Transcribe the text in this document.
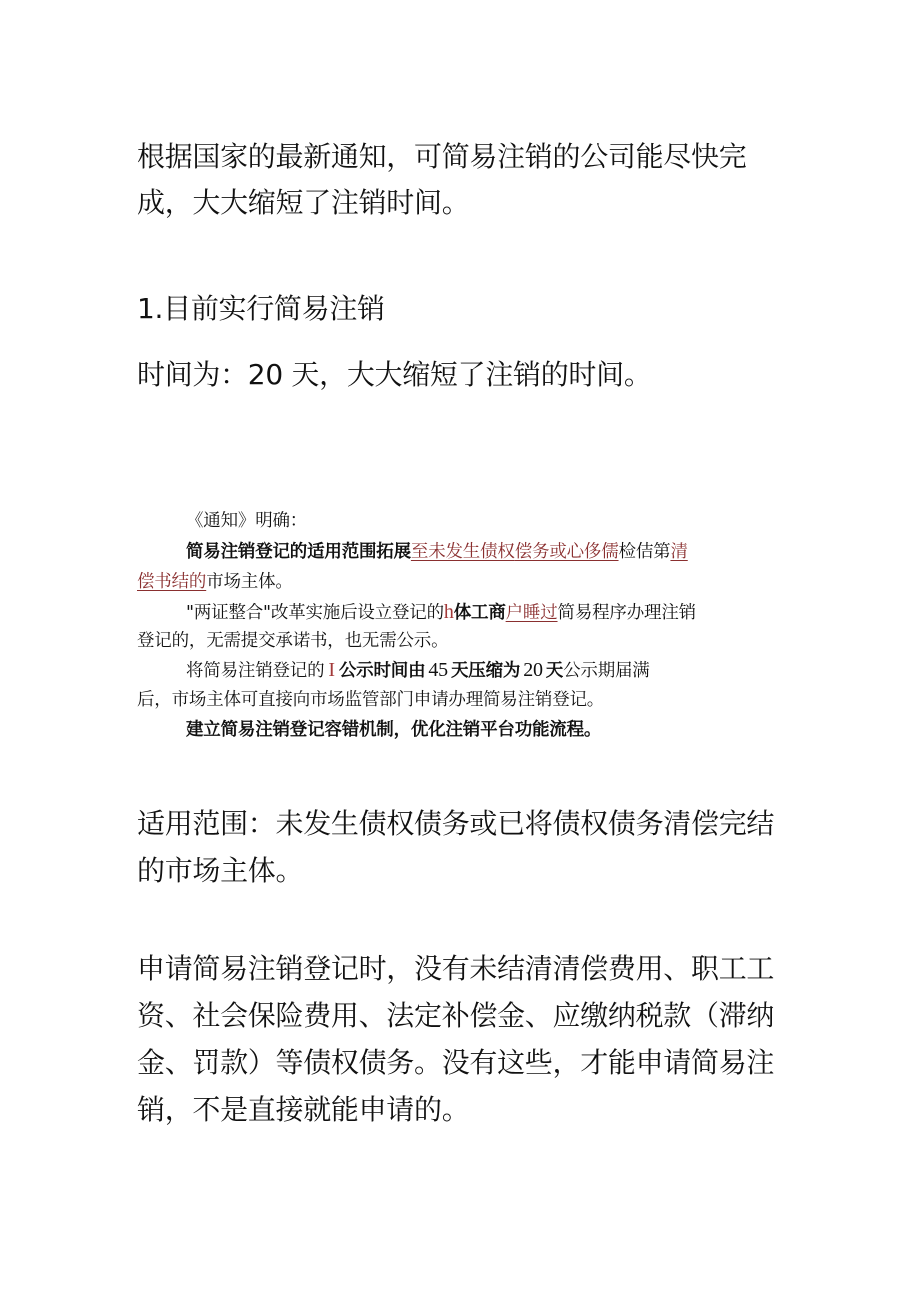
根据国家的最新通知，可简易注销的公司能尽快完
成，大大缩短了注销时间。
1.目前实行简易注销
时间为：20 天，大大缩短了注销的时间。
《通知》明确：
简易注销登记的适用范围拓展至未发生债权偿务或心侈儒检佶第清
偿书结的市场主体。
"两证整合"改革实施后设立登记的h体工商户睡过简易程序办理注销
登记的，无需提交承诺书，也无需公示。
将简易注销登记的 I 公示时间由 45 天压缩为 20 天公示期届满
后，市场主体可直接向市场监管部门申请办理简易注销登记。
建立简易注销登记容错机制，优化注销平台功能流程。
适用范围：未发生债权债务或已将债权债务清偿完结
的市场主体。
申请简易注销登记时，没有未结清清偿费用、职工工
资、社会保险费用、法定补偿金、应缴纳税款（滞纳
金、罚款）等债权债务。没有这些，才能申请简易注
销，不是直接就能申请的。
